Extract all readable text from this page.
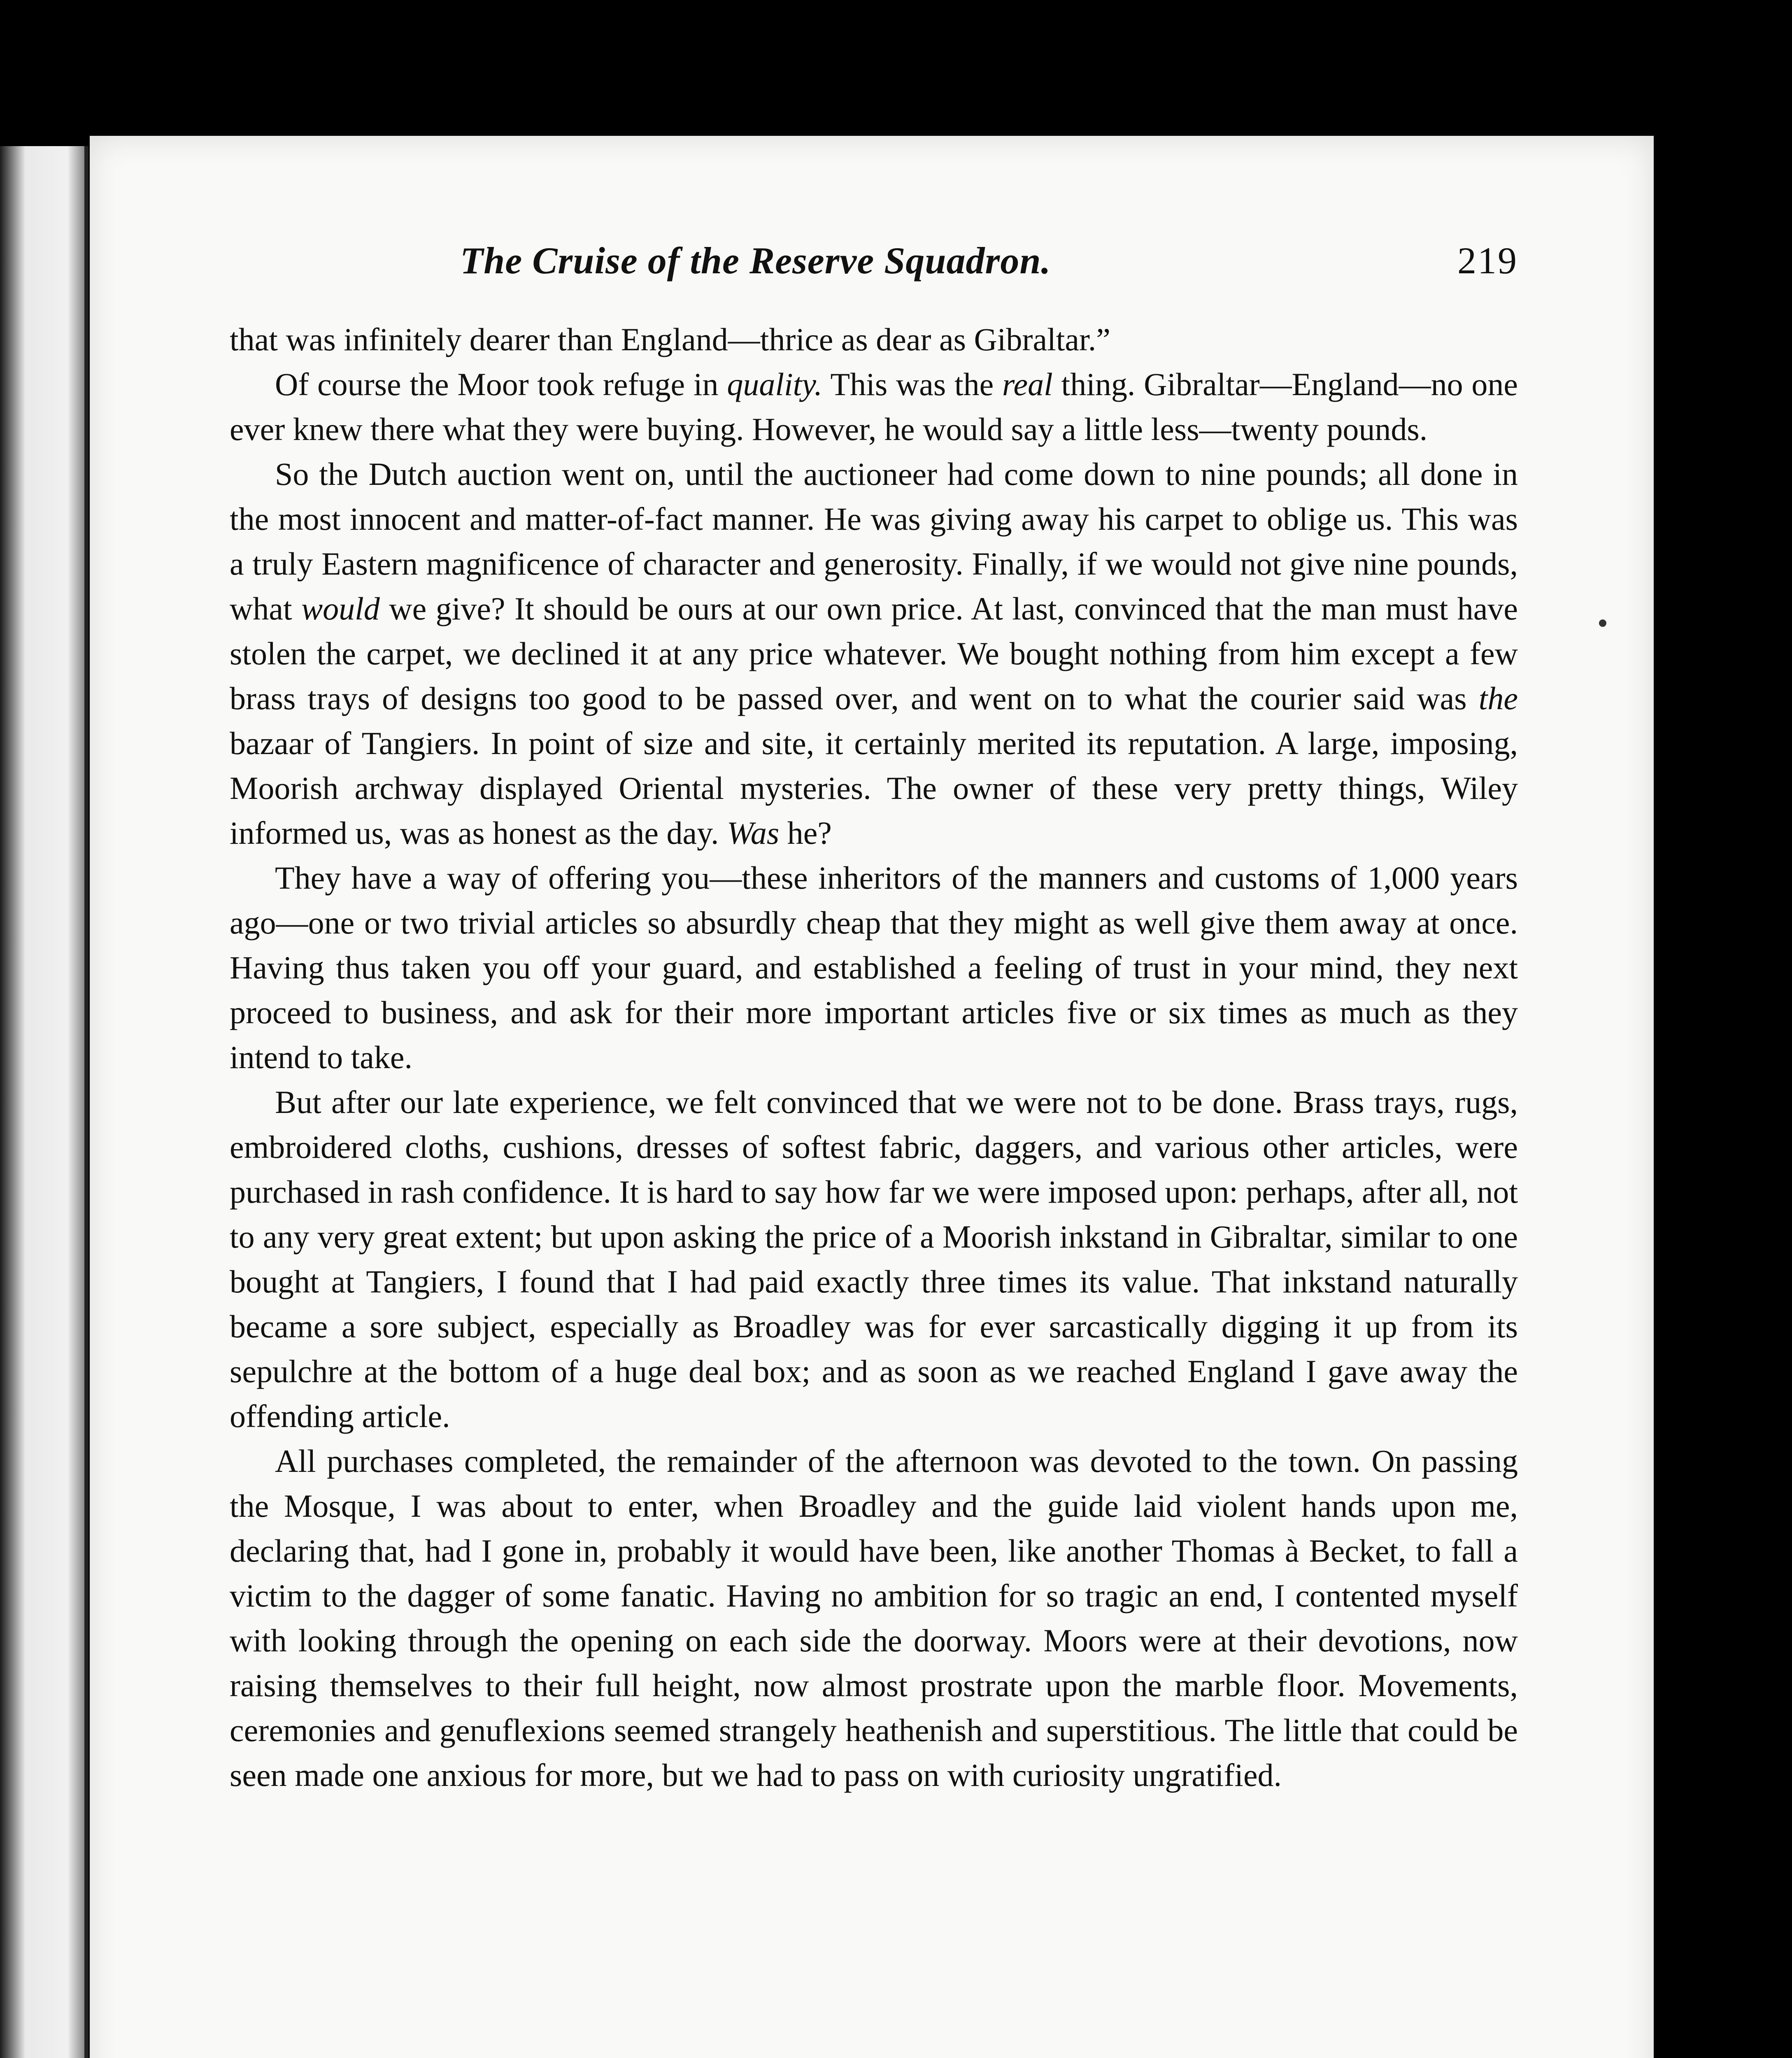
The Cruise of the Reserve Squadron.	219

that was infinitely dearer than England—thrice as dear as Gibraltar.”

Of course the Moor took refuge in quality. This was the real thing. Gibraltar—England—no one ever knew there what they were buying. However, he would say a little less—twenty pounds.

So the Dutch auction went on, until the auctioneer had come down to nine pounds; all done in the most innocent and matter-of-fact manner. He was giving away his carpet to oblige us. This was a truly Eastern magnificence of character and generosity. Finally, if we would not give nine pounds, what would we give? It should be ours at our own price. At last, convinced that the man must have stolen the carpet, we declined it at any price whatever. We bought nothing from him except a few brass trays of designs too good to be passed over, and went on to what the courier said was the bazaar of Tangiers. In point of size and site, it certainly merited its reputation. A large, imposing, Moorish archway displayed Oriental mysteries. The owner of these very pretty things, Wiley informed us, was as honest as the day. Was he?

They have a way of offering you—these inheritors of the manners and customs of 1,000 years ago—one or two trivial articles so absurdly cheap that they might as well give them away at once. Having thus taken you off your guard, and established a feeling of trust in your mind, they next proceed to business, and ask for their more important articles five or six times as much as they intend to take.

But after our late experience, we felt convinced that we were not to be done. Brass trays, rugs, embroidered cloths, cushions, dresses of softest fabric, daggers, and various other articles, were purchased in rash confidence. It is hard to say how far we were imposed upon: perhaps, after all, not to any very great extent; but upon asking the price of a Moorish inkstand in Gibraltar, similar to one bought at Tangiers, I found that I had paid exactly three times its value. That inkstand naturally became a sore subject, especially as Broadley was for ever sarcastically digging it up from its sepulchre at the bottom of a huge deal box; and as soon as we reached England I gave away the offending article.

All purchases completed, the remainder of the afternoon was devoted to the town. On passing the Mosque, I was about to enter, when Broadley and the guide laid violent hands upon me, declaring that, had I gone in, probably it would have been, like another Thomas à Becket, to fall a victim to the dagger of some fanatic. Having no ambition for so tragic an end, I contented myself with looking through the opening on each side the doorway. Moors were at their devotions, now raising themselves to their full height, now almost prostrate upon the marble floor. Movements, ceremonies and genuflexions seemed strangely heathenish and superstitious. The little that could be seen made one anxious for more, but we had to pass on with curiosity ungratified.
